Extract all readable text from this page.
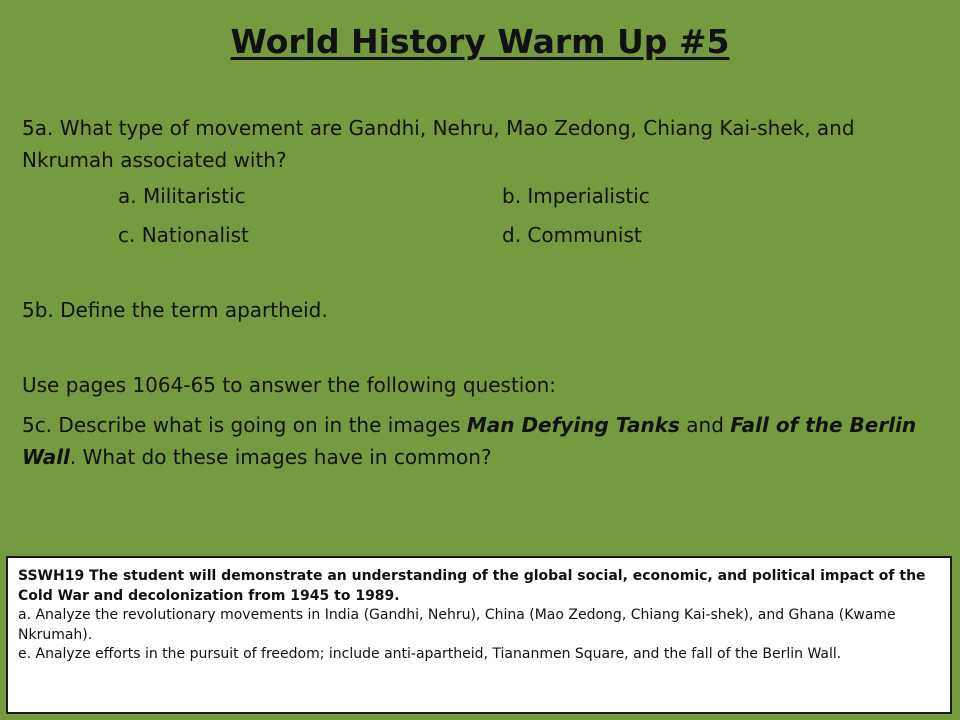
World History Warm Up #5
5a. What type of movement are Gandhi, Nehru, Mao Zedong, Chiang Kai-shek, and Nkrumah associated with?
a. Militaristic	b. Imperialistic
c. Nationalist	d. Communist
5b. Define the term apartheid.
Use pages 1064-65 to answer the following question:
5c. Describe what is going on in the images Man Defying Tanks and Fall of the Berlin Wall. What do these images have in common?
SSWH19 The student will demonstrate an understanding of the global social, economic, and political impact of the Cold War and decolonization from 1945 to 1989.
a. Analyze the revolutionary movements in India (Gandhi, Nehru), China (Mao Zedong, Chiang Kai-shek), and Ghana (Kwame Nkrumah).
e. Analyze efforts in the pursuit of freedom; include anti-apartheid, Tiananmen Square, and the fall of the Berlin Wall.
